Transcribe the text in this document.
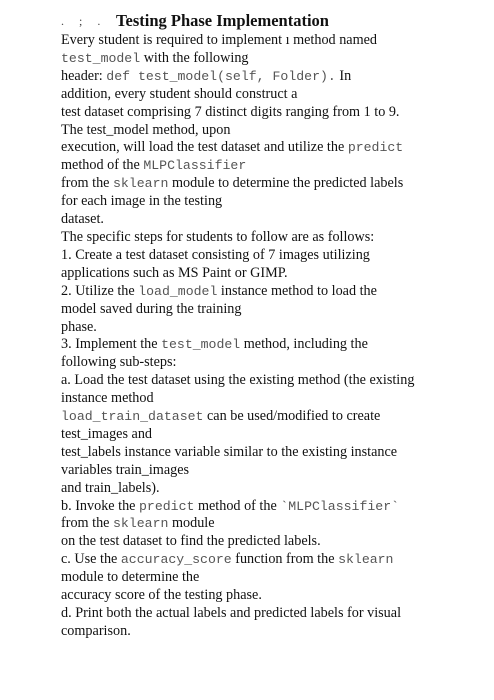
. ; . Testing Phase Implementation
Every student is required to implement ı method named
test_model with the following
header: def test_model(self, Folder). In
addition, every student should construct a
test dataset comprising 7 distinct digits ranging from 1 to 9.
The test_model method, upon
execution, will load the test dataset and utilize the predict
method of the MLPClassifier
from the sklearn module to determine the predicted labels
for each image in the testing
dataset.
The specific steps for students to follow are as follows:
1. Create a test dataset consisting of 7 images utilizing
applications such as MS Paint or GIMP.
2. Utilize the load_model instance method to load the
model saved during the training
phase.
3. Implement the test_model method, including the
following sub-steps:
a. Load the test dataset using the existing method (the existing
instance method
load_train_dataset can be used/modified to create
test_images and
test_labels instance variable similar to the existing instance
variables train_images
and train_labels).
b. Invoke the predict method of the `MLPClassifier`
from the sklearn module
on the test dataset to find the predicted labels.
c. Use the accuracy_score function from the sklearn
module to determine the
accuracy score of the testing phase.
d. Print both the actual labels and predicted labels for visual
comparison.
